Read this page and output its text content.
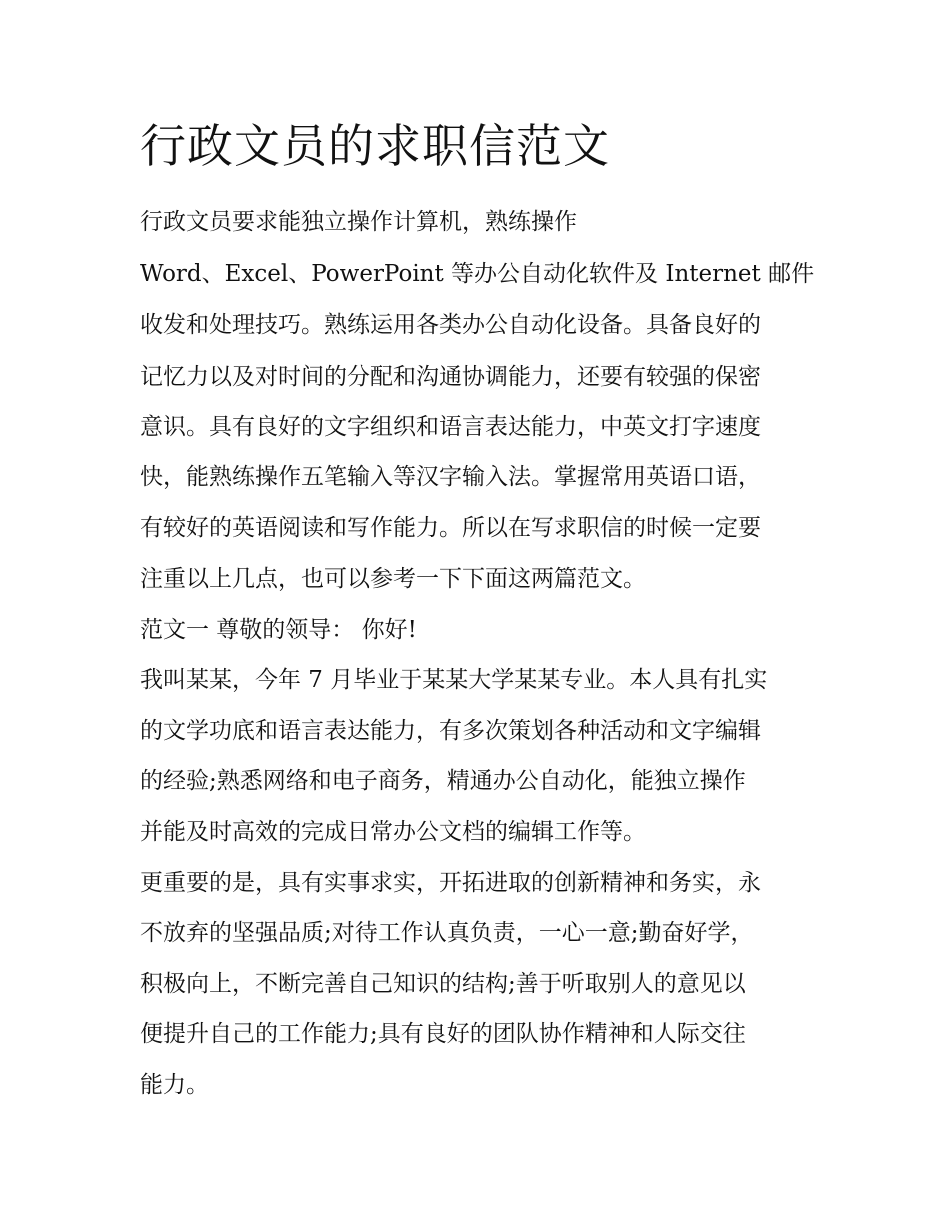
行政文员的求职信范文

行政文员要求能独立操作计算机，熟练操作

Word、Excel、PowerPoint 等办公自动化软件及 Internet 邮件

收发和处理技巧。熟练运用各类办公自动化设备。具备良好的

记忆力以及对时间的分配和沟通协调能力，还要有较强的保密

意识。具有良好的文字组织和语言表达能力，中英文打字速度

快，能熟练操作五笔输入等汉字输入法。掌握常用英语口语，

有较好的英语阅读和写作能力。所以在写求职信的时候一定要

注重以上几点，也可以参考一下下面这两篇范文。

范文一 尊敬的领导： 你好!

我叫某某，今年 7 月毕业于某某大学某某专业。本人具有扎实

的文学功底和语言表达能力，有多次策划各种活动和文字编辑

的经验;熟悉网络和电子商务，精通办公自动化，能独立操作

并能及时高效的完成日常办公文档的编辑工作等。

更重要的是，具有实事求实，开拓进取的创新精神和务实，永

不放弃的坚强品质;对待工作认真负责，一心一意;勤奋好学，

积极向上，不断完善自己知识的结构;善于听取别人的意见以

便提升自己的工作能力;具有良好的团队协作精神和人际交往

能力。
